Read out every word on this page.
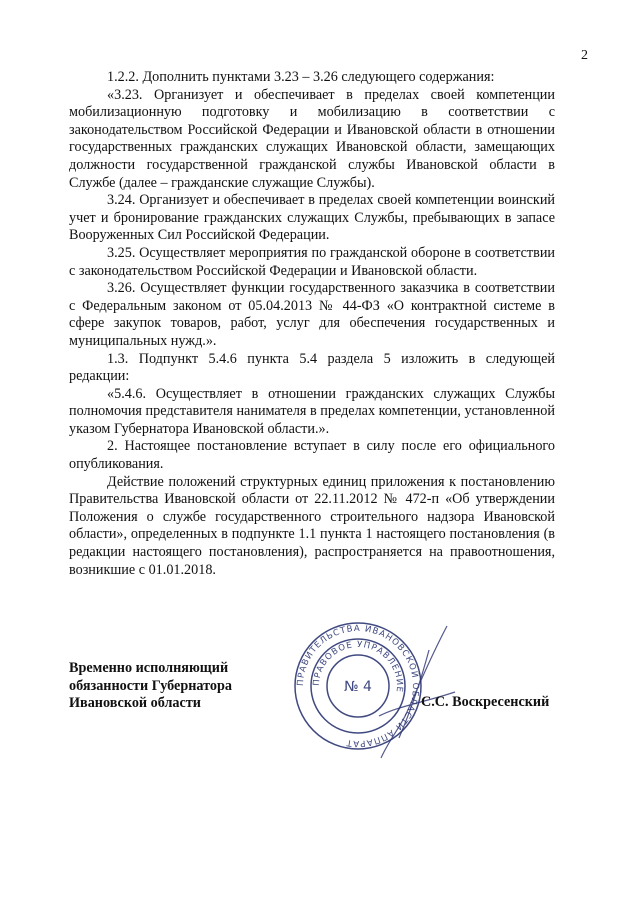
2

1.2.2. Дополнить пунктами 3.23 – 3.26 следующего содержания:

«3.23. Организует и обеспечивает в пределах своей компетенции мобилизационную подготовку и мобилизацию в соответствии с законодательством Российской Федерации и Ивановской области в отношении государственных гражданских служащих Ивановской области, замещающих должности государственной гражданской службы Ивановской области в Службе (далее – гражданские служащие Службы).

3.24. Организует и обеспечивает в пределах своей компетенции воинский учет и бронирование гражданских служащих Службы, пребывающих в запасе Вооруженных Сил Российской Федерации.

3.25. Осуществляет мероприятия по гражданской обороне в соответствии с законодательством Российской Федерации и Ивановской области.

3.26. Осуществляет функции государственного заказчика в соответствии с Федеральным законом от 05.04.2013 № 44-ФЗ «О контрактной системе в сфере закупок товаров, работ, услуг для обеспечения государственных и муниципальных нужд.».

1.3. Подпункт 5.4.6 пункта 5.4 раздела 5 изложить в следующей редакции:

«5.4.6. Осуществляет в отношении гражданских служащих Службы полномочия представителя нанимателя в пределах компетенции, установленной указом Губернатора Ивановской области.».

2. Настоящее постановление вступает в силу после его официального опубликования.

Действие положений структурных единиц приложения к постановлению Правительства Ивановской области от 22.11.2012 № 472-п «Об утверждении Положения о службе государственного строительного надзора Ивановской области», определенных в подпункте 1.1 пункта 1 настоящего постановления (в редакции настоящего постановления), распространяется на правоотношения, возникшие с 01.01.2018.

Временно исполняющий
обязанности Губернатора
Ивановской области
ПРАВИТЕЛЬСТВА ИВАНОВСКОЙ ОБЛАСТИ АППАРАТ
ПРАВОВОЕ УПРАВЛЕНИЕ
№ 4
С.С. Воскресенский
